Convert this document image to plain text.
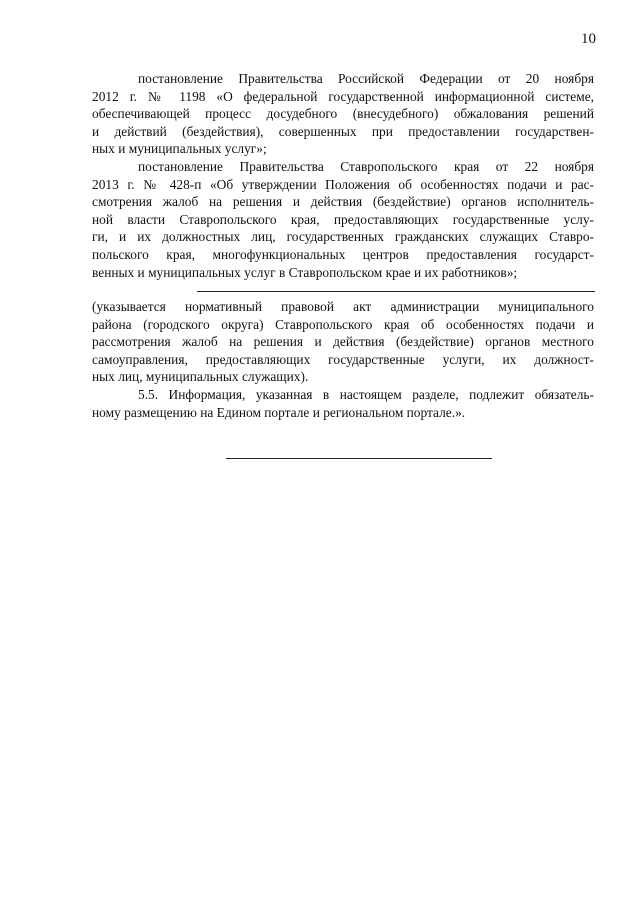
10

постановление Правительства Российской Федерации от 20 ноября
2012 г. № 1198 «О федеральной государственной информационной системе,
обеспечивающей процесс досудебного (внесудебного) обжалования решений
и действий (бездействия), совершенных при предоставлении государствен-
ных и муниципальных услуг»;

постановление Правительства Ставропольского края от 22 ноября
2013 г. № 428-п «Об утверждении Положения об особенностях подачи и рас-
смотрения жалоб на решения и действия (бездействие) органов исполнитель-
ной власти Ставропольского края, предоставляющих государственные услу-
ги, и их должностных лиц, государственных гражданских служащих Ставро-
польского края, многофункциональных центров предоставления государст-
венных и муниципальных услуг в Ставропольском крае и их работников»;

(указывается нормативный правовой акт администрации муниципального
района (городского округа) Ставропольского края об особенностях подачи и
рассмотрения жалоб на решения и действия (бездействие) органов местного
самоуправления, предоставляющих государственные услуги, их должност-
ных лиц, муниципальных служащих).

5.5. Информация, указанная в настоящем разделе, подлежит обязатель-
ному размещению на Едином портале и региональном портале.».
